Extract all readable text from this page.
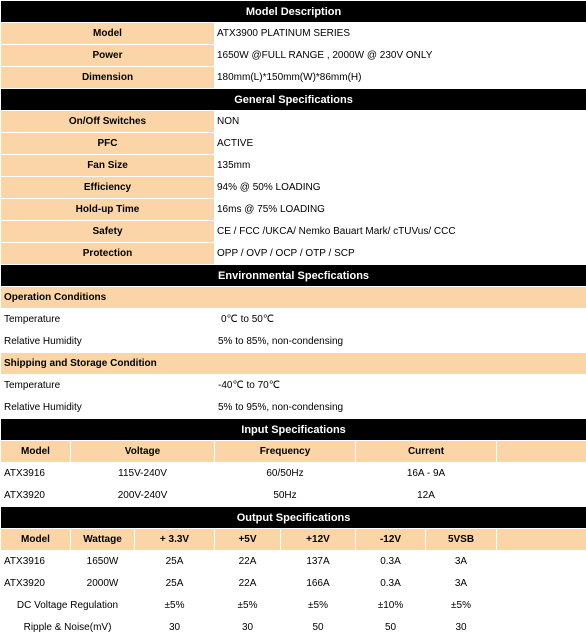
Model Description							
Model			ATX3900 PLATINUM SERIES				
Power			1650W @FULL RANGE , 2000W @ 230V ONLY				
Dimension			180mm(L)*150mm(W)*86mm(H)				
General Specifications							
On/Off Switches			NON				
PFC			ACTIVE				
Fan Size			135mm				
Efficiency			94% @ 50% LOADING				
Hold-up Time			16ms @ 75% LOADING				
Safety			CE / FCC /UKCA/ Nemko Bauart Mark/ cTUVus/ CCC				
Protection			OPP / OVP / OCP / OTP / SCP				
Environmental Specfications							
Operation Conditions							
Temperature			0℃ to 50℃				
Relative Humidity			5% to 85%, non-condensing				
Shipping and Storage Condition							
Temperature			-40℃ to 70℃				
Relative Humidity			5% to 95%, non-condensing				
Input Specifications							
Model	Voltage		Frequency		Current		
ATX3916	115V-240V		60/50Hz		16A - 9A		
ATX3920	200V-240V		50Hz		12A		
Output Specifications							
Model	Wattage	+ 3.3V	+5V	+12V	-12V	5VSB	
ATX3916	1650W	25A	22A	137A	0.3A	3A	
ATX3920	2000W	25A	22A	166A	0.3A	3A	
DC Voltage Regulation		±5%	±5%	±5%	±10%	±5%	
Ripple & Noise(mV)		30	30	50	50	30	
